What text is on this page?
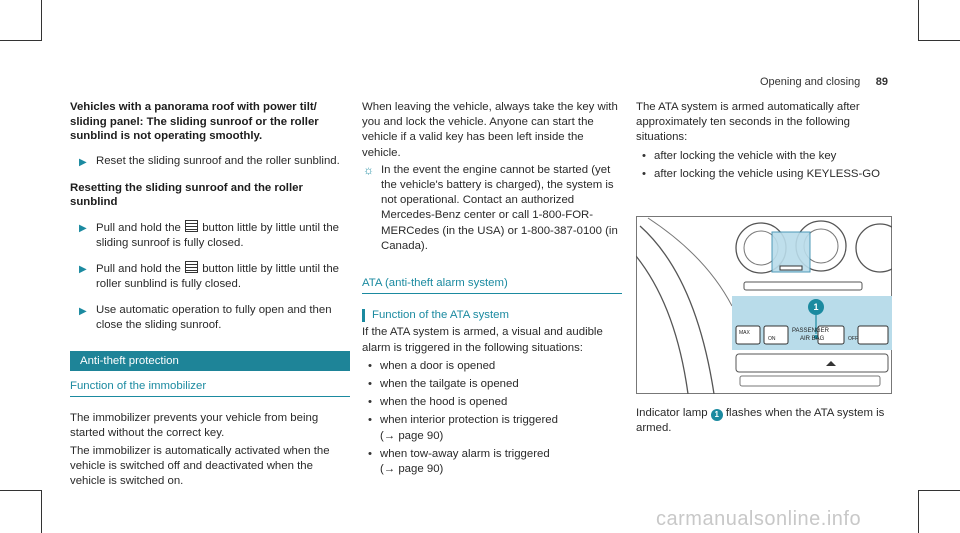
Opening and closing 89
Vehicles with a panorama roof with power tilt/ sliding panel: The sliding sunroof or the roller sunblind is not operating smoothly.
▶ Reset the sliding sunroof and the roller sunblind.
Resetting the sliding sunroof and the roller sunblind
▶ Pull and hold the button little by little until the sliding sunroof is fully closed.
▶ Pull and hold the button little by little until the roller sunblind is fully closed.
▶ Use automatic operation to fully open and then close the sliding sunroof.
Anti-theft protection
Function of the immobilizer
The immobilizer prevents your vehicle from being started without the correct key.
The immobilizer is automatically activated when the vehicle is switched off and deactivated when the vehicle is switched on.
When leaving the vehicle, always take the key with you and lock the vehicle. Anyone can start the vehicle if a valid key has been left inside the vehicle.
☼ In the event the engine cannot be started (yet the vehicle's battery is charged), the system is not operational. Contact an authorized Mercedes-Benz center or call 1-800-FOR-MERCedes (in the USA) or 1-800-387-0100 (in Canada).
ATA (anti-theft alarm system)
Function of the ATA system
If the ATA system is armed, a visual and audible alarm is triggered in the following situations:
• when a door is opened
• when the tailgate is opened
• when the hood is opened
• when interior protection is triggered
(→ page 90)
• when tow-away alarm is triggered
(→ page 90)
The ATA system is armed automatically after approximately ten seconds in the following situations:
• after locking the vehicle with the key
• after locking the vehicle using KEYLESS-GO
1
MAX
ON
PASSENGER
AIR BAG	OFF
Indicator lamp 1 flashes when the ATA system is armed.
carmanualsonline.info
